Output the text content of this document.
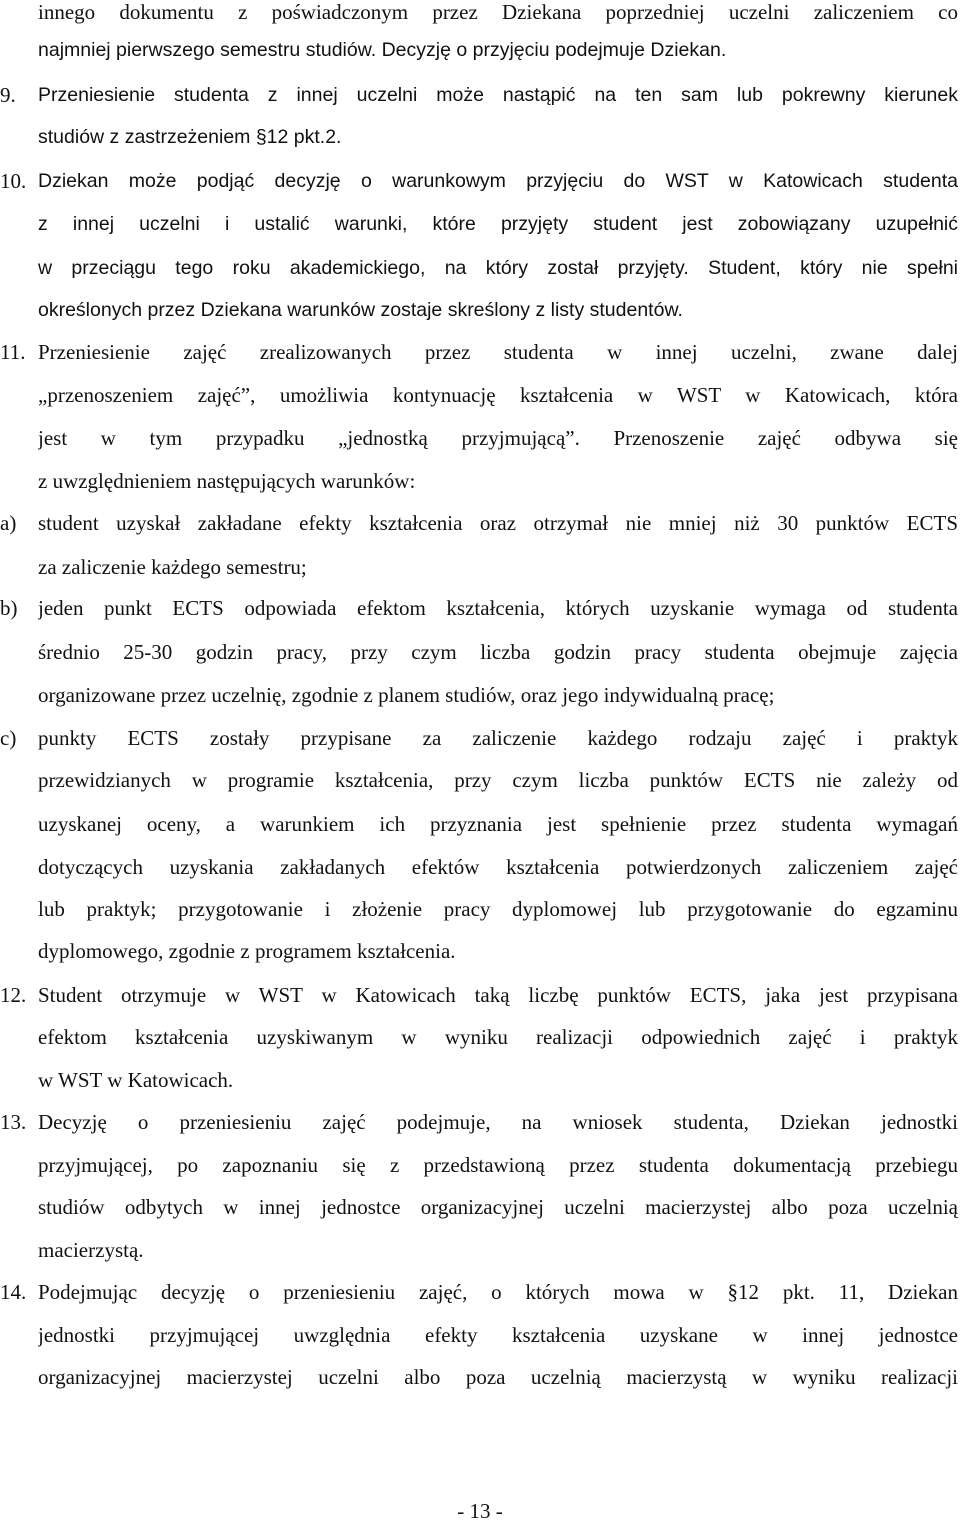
innego dokumentu z poświadczonym przez Dziekana poprzedniej uczelni zaliczeniem co
najmniej pierwszego semestru studiów. Decyzję o przyjęciu podejmuje Dziekan.
9. Przeniesienie studenta z innej uczelni może nastąpić na ten sam lub pokrewny kierunek
studiów z zastrzeżeniem §12 pkt.2.
10. Dziekan może podjąć decyzję o warunkowym przyjęciu do WST w Katowicach studenta
z innej uczelni i ustalić warunki, które przyjęty student jest zobowiązany uzupełnić
w przeciągu tego roku akademickiego, na który został przyjęty. Student, który nie spełni
określonych przez Dziekana warunków zostaje skreślony z listy studentów.
11. Przeniesienie zajęć zrealizowanych przez studenta w innej uczelni, zwane dalej
„przenoszeniem zajęć”, umożliwia kontynuację kształcenia w WST w Katowicach, która
jest w tym przypadku „jednostką przyjmującą”. Przenoszenie zajęć odbywa się
z uwzględnieniem następujących warunków:
a) student uzyskał zakładane efekty kształcenia oraz otrzymał nie mniej niż 30 punktów ECTS
za zaliczenie każdego semestru;
b) jeden punkt ECTS odpowiada efektom kształcenia, których uzyskanie wymaga od studenta
średnio 25-30 godzin pracy, przy czym liczba godzin pracy studenta obejmuje zajęcia
organizowane przez uczelnię, zgodnie z planem studiów, oraz jego indywidualną pracę;
c) punkty ECTS zostały przypisane za zaliczenie każdego rodzaju zajęć i praktyk
przewidzianych w programie kształcenia, przy czym liczba punktów ECTS nie zależy od
uzyskanej oceny, a warunkiem ich przyznania jest spełnienie przez studenta wymagań
dotyczących uzyskania zakładanych efektów kształcenia potwierdzonych zaliczeniem zajęć
lub praktyk; przygotowanie i złożenie pracy dyplomowej lub przygotowanie do egzaminu
dyplomowego, zgodnie z programem kształcenia.
12. Student otrzymuje w WST w Katowicach taką liczbę punktów ECTS, jaka jest przypisana
efektom kształcenia uzyskiwanym w wyniku realizacji odpowiednich zajęć i praktyk
w WST w Katowicach.
13. Decyzję o przeniesieniu zajęć podejmuje, na wniosek studenta, Dziekan jednostki
przyjmującej, po zapoznaniu się z przedstawioną przez studenta dokumentacją przebiegu
studiów odbytych w innej jednostce organizacyjnej uczelni macierzystej albo poza uczelnią
macierzystą.
14. Podejmując decyzję o przeniesieniu zajęć, o których mowa w §12 pkt. 11, Dziekan
jednostki przyjmującej uwzględnia efekty kształcenia uzyskane w innej jednostce
organizacyjnej macierzystej uczelni albo poza uczelnią macierzystą w wyniku realizacji
- 13 -
